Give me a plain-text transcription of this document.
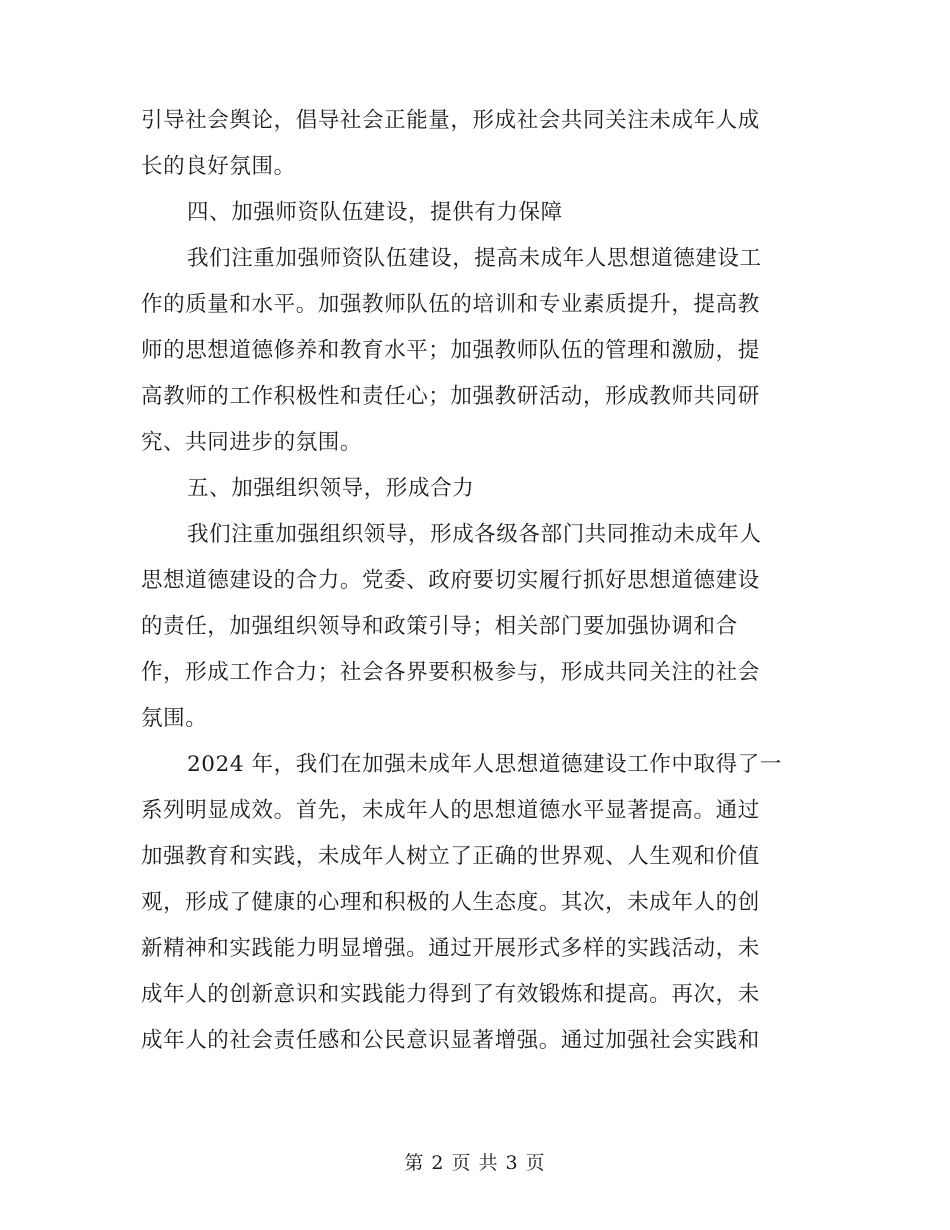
引导社会舆论，倡导社会正能量，形成社会共同关注未成年人成
长的良好氛围。
四、加强师资队伍建设，提供有力保障
我们注重加强师资队伍建设，提高未成年人思想道德建设工
作的质量和水平。加强教师队伍的培训和专业素质提升，提高教
师的思想道德修养和教育水平；加强教师队伍的管理和激励，提
高教师的工作积极性和责任心；加强教研活动，形成教师共同研
究、共同进步的氛围。
五、加强组织领导，形成合力
我们注重加强组织领导，形成各级各部门共同推动未成年人
思想道德建设的合力。党委、政府要切实履行抓好思想道德建设
的责任，加强组织领导和政策引导；相关部门要加强协调和合
作，形成工作合力；社会各界要积极参与，形成共同关注的社会
氛围。
2024 年，我们在加强未成年人思想道德建设工作中取得了一
系列明显成效。首先，未成年人的思想道德水平显著提高。通过
加强教育和实践，未成年人树立了正确的世界观、人生观和价值
观，形成了健康的心理和积极的人生态度。其次，未成年人的创
新精神和实践能力明显增强。通过开展形式多样的实践活动，未
成年人的创新意识和实践能力得到了有效锻炼和提高。再次，未
成年人的社会责任感和公民意识显著增强。通过加强社会实践和
第 2 页 共 3 页
